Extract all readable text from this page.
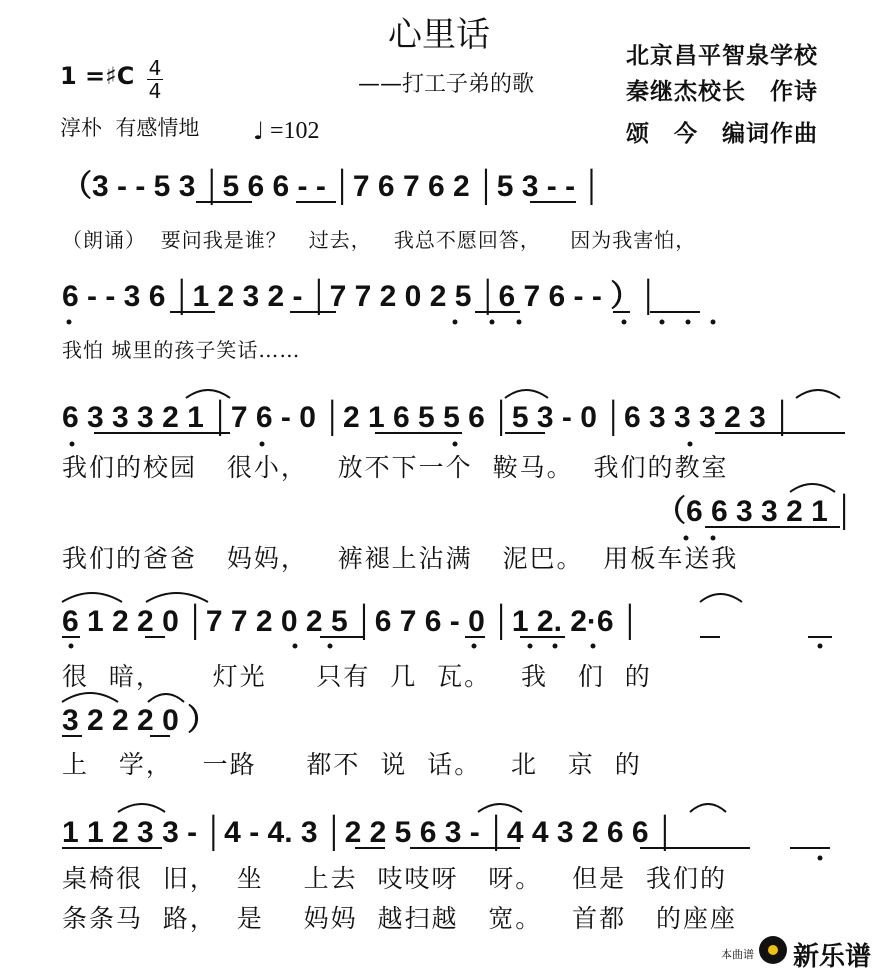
心里话
——打工子弟的歌
北京昌平智泉学校
秦继杰校长　作诗
颂　今　编词作曲
1 =♯C 4
4
淳朴  有感情地 ♩ =102
（3 - - 5 3 │5 6 6 - - │7 6 7 6 2 │5 3 - - │
（朗诵）  要问我是谁？   过去，   我总不愿回答，    因为我害怕，
6 - - 3 6 │1 2 3 2 - │7 7 2 0 2 5 │6 7 6 - - ）│
我怕 城里的孩子笑话……
6 3 3 3 2 1 │7 6 - 0 │2 1 6 5 5 6 │5 3 - 0 │6 3 3 3 2 3 │
我们的校园   很小，   放不下一个  鞍马。  我们的教室
（6 6 3 3 2 1 │
我们的爸爸   妈妈，   裤褪上沾满   泥巴。  用板车送我
6 1 2 2 0 │7 7 2 0 2 5 │6 7 6 - 0 │1 2. 2·6 │
很  暗，     灯光     只有  几  瓦。   我   们  的
3 2 2 2 0 ）
上   学，   一路     都不  说  话。   北   京  的
1 1 2 3 3 - │4 - 4. 3 │2 2 5 6 3 - │4 4 3 2 6 6 │
桌椅很  旧，  坐    上去  吱吱呀   呀。   但是  我们的
条条马  路，  是    妈妈  越扫越   宽。   首都   的座座
本曲谱 新乐谱
